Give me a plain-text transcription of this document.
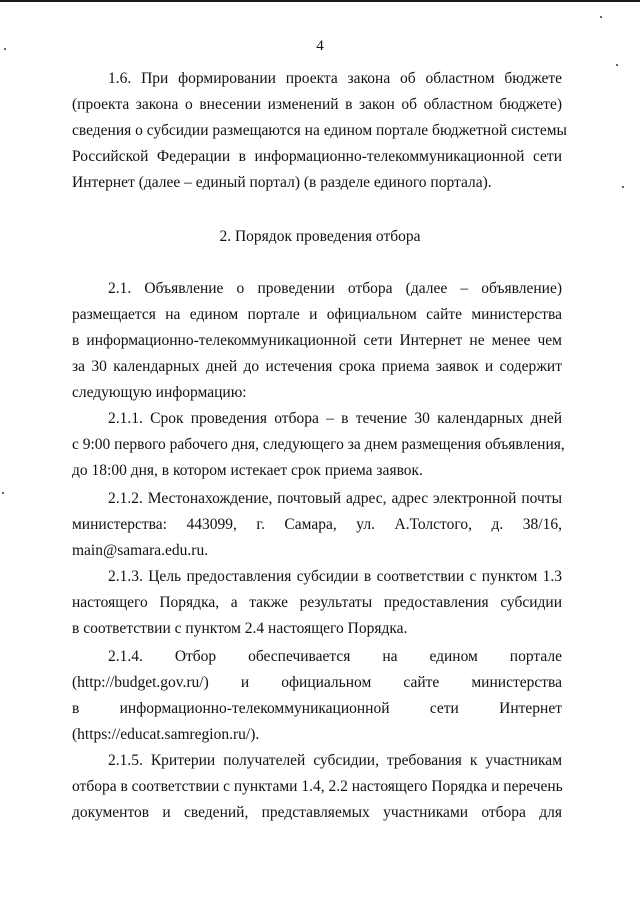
4
1.6. При формировании проекта закона об областном бюджете
(проекта закона о внесении изменений в закон об областном бюджете)
сведения о субсидии размещаются на едином портале бюджетной системы
Российской Федерации в информационно-телекоммуникационной сети
Интернет (далее – единый портал) (в разделе единого портала).
2. Порядок проведения отбора
2.1. Объявление о проведении отбора (далее – объявление)
размещается на едином портале и официальном сайте министерства
в информационно-телекоммуникационной сети Интернет не менее чем
за 30 календарных дней до истечения срока приема заявок и содержит
следующую информацию:
2.1.1. Срок проведения отбора – в течение 30 календарных дней
с 9:00 первого рабочего дня, следующего за днем размещения объявления,
до 18:00 дня, в котором истекает срок приема заявок.
2.1.2. Местонахождение, почтовый адрес, адрес электронной почты
министерства: 443099, г. Самара, ул. А.Толстого, д. 38/16,
main@samara.edu.ru.
2.1.3. Цель предоставления субсидии в соответствии с пунктом 1.3
настоящего Порядка, а также результаты предоставления субсидии
в соответствии с пунктом 2.4 настоящего Порядка.
2.1.4. Отбор обеспечивается на едином портале
(http://budget.gov.ru/) и официальном сайте министерства
в информационно-телекоммуникационной сети Интернет
(https://educat.samregion.ru/).
2.1.5. Критерии получателей субсидии, требования к участникам
отбора в соответствии с пунктами 1.4, 2.2 настоящего Порядка и перечень
документов и сведений, представляемых участниками отбора для
